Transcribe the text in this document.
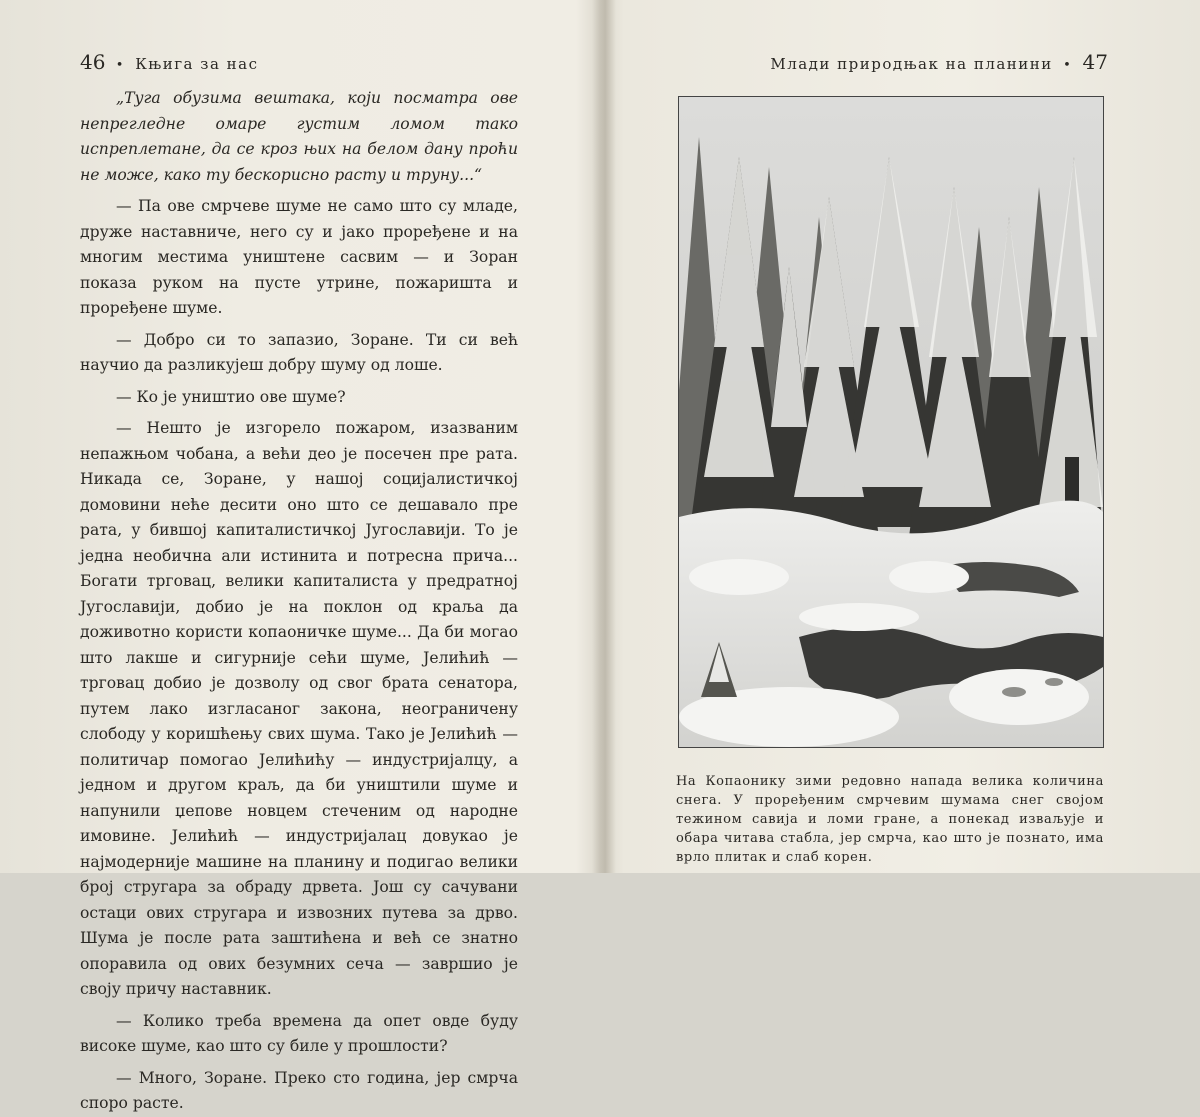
46 • Књига за нас

„Туга обузима вештака, који посматра ове непрегледне омаре густим ломом тако испреплетане, да се кроз њих на белом дану проћи не може, како ту бескорисно расту и труну...“

— Па ове смрчеве шуме не само што су младе, друже наставниче, него су и јако проређене и на многим местима уништене сасвим — и Зоран показа руком на пусте утрине, пожаришта и проређене шуме.

— Добро си то запазио, Зоране. Ти си већ научио да разликујеш добру шуму од лоше.

— Ко је уништио ове шуме?

— Нешто је изгорело пожаром, изазваним непажњом чобана, а већи део је посечен пре рата. Никада се, Зоране, у нашој социјалистичкој домовини неће десити оно што се дешавало пре рата, у бившој капиталистичкој Југославији. То је једна необична али истинита и потресна прича... Богати трговац, велики капиталиста у предратној Југославији, добио је на поклон од краља да доживотно користи копаоничке шуме... Да би могао што лакше и сигурније сећи шуме, Јелићић — трговац добио је дозволу од свог брата сенатора, путем лако изгласаног закона, неограничену слободу у коришћењу свих шума. Тако је Јелићић — политичар помогао Јелићићу — индустријалцу, а једном и другом краљ, да би уништили шуме и напунили џепове новцем стеченим од народне имовине. Јелићић — индустријалац довукао је најмодерније машине на планину и подигао велики број стругара за обраду дрвета. Још су сачувани остаци ових стругара и извозних путева за дрво. Шума је после рата заштићена и већ се знатно опоравила од ових безумних сеча — завршио је своју причу наставник.

— Колико треба времена да опет овде буду високе шуме, као што су биле у прошлости?

— Много, Зоране. Преко сто година, јер смрча споро расте.

Млади природњак на планини • 47
На Копаонику зими редовно напада велика количина снега. У проређеним смрчевим шумама снег својом тежином савија и ломи гране, а понекад изваљује и обара читава стабла, јер смрча, као што је познато, има врло плитак и слаб корен.
